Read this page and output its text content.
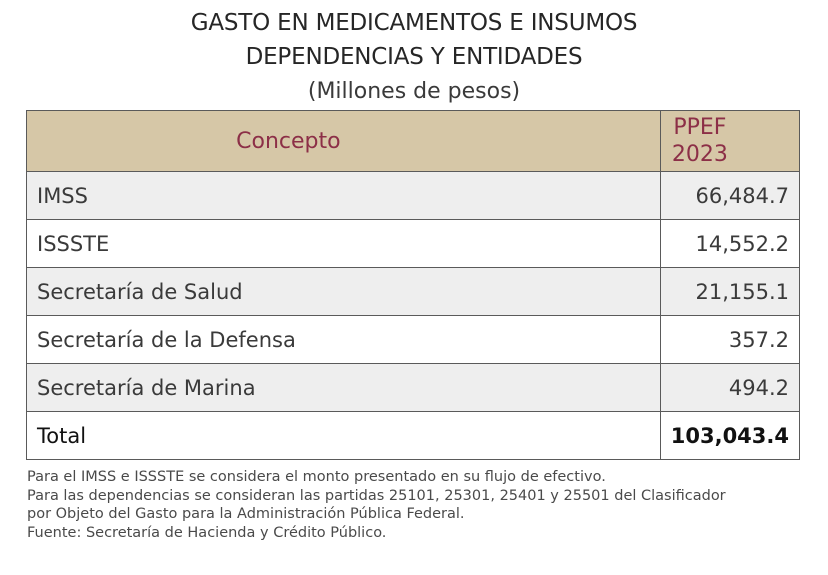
GASTO EN MEDICAMENTOS E INSUMOS
DEPENDENCIAS Y ENTIDADES
(Millones de pesos)
Concepto	PPEF
2023

IMSS	66,484.7
ISSSTE	14,552.2
Secretaría de Salud	21,155.1
Secretaría de la Defensa	357.2
Secretaría de Marina	494.2
Total	103,043.4
Para el IMSS e ISSSTE se considera el monto presentado en su flujo de efectivo.
Para las dependencias se consideran las partidas 25101, 25301, 25401 y 25501 del Clasificador
por Objeto del Gasto para la Administración Pública Federal.
Fuente: Secretaría de Hacienda y Crédito Público.
